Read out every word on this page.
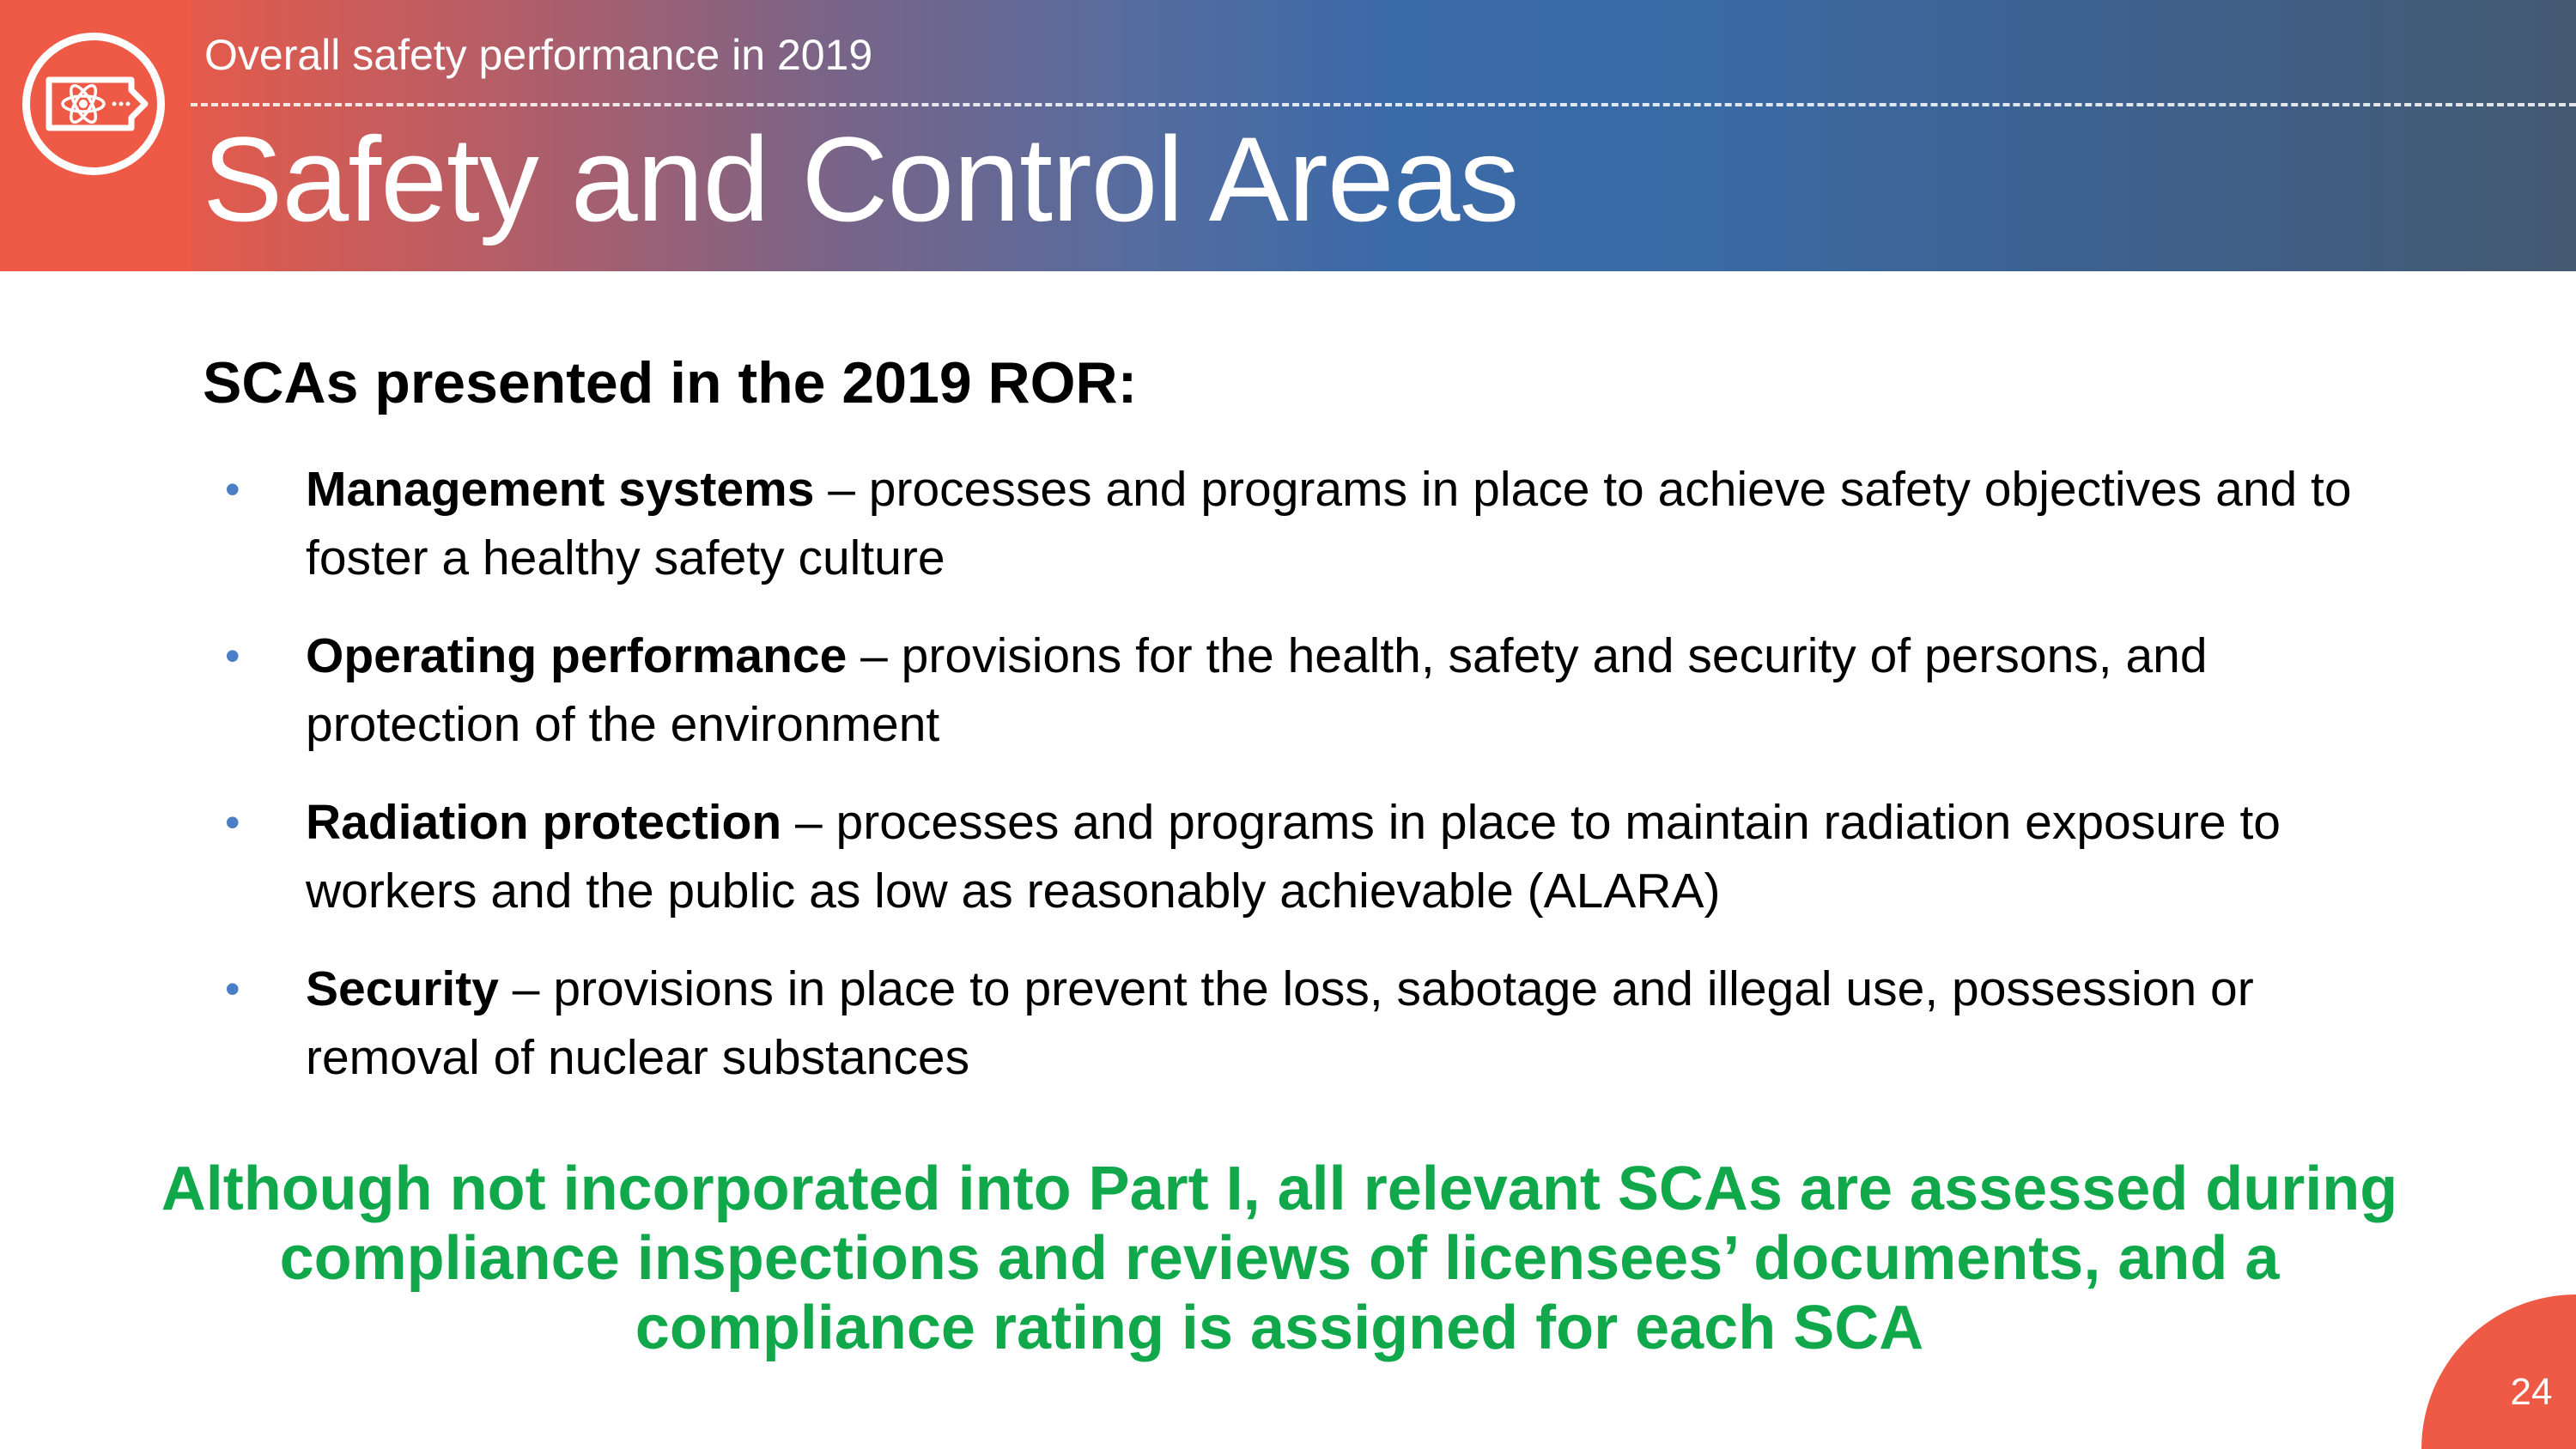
Overall safety performance in 2019
Safety and Control Areas
SCAs presented in the 2019 ROR:
• Management systems – processes and programs in place to achieve safety objectives and to foster a healthy safety culture
• Operating performance – provisions for the health, safety and security of persons, and protection of the environment
• Radiation protection – processes and programs in place to maintain radiation exposure to workers and the public as low as reasonably achievable (ALARA)
• Security – provisions in place to prevent the loss, sabotage and illegal use, possession or removal of nuclear substances
Although not incorporated into Part I, all relevant SCAs are assessed during compliance inspections and reviews of licensees’ documents, and a compliance rating is assigned for each SCA
24
